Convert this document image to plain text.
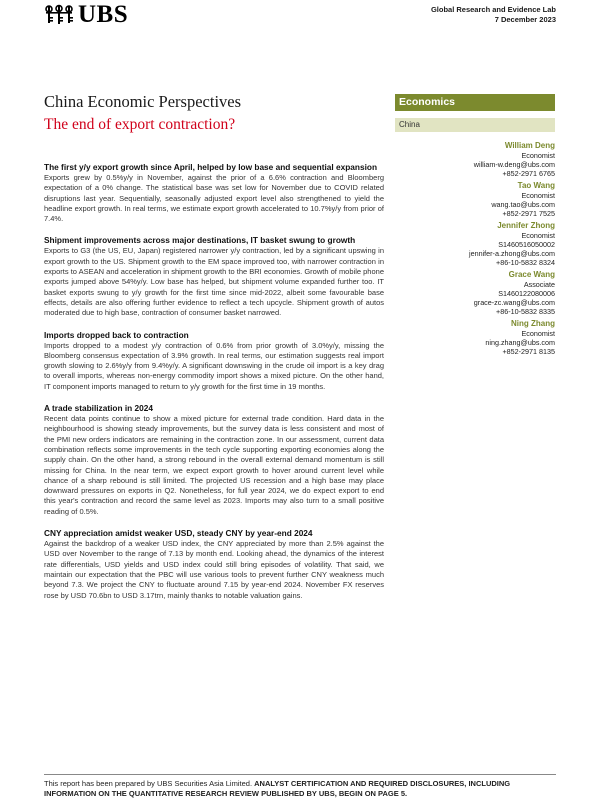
UBS	Global Research and Evidence Lab
7 December 2023
China Economic Perspectives
The end of export contraction?
Economics
China
William Deng
Economist
william-w.deng@ubs.com
+852-2971 6765
Tao Wang
Economist
wang.tao@ubs.com
+852-2971 7525
Jennifer Zhong
Economist
S1460516050002
jennifer-a.zhong@ubs.com
+86-10-5832 8324
Grace Wang
Associate
S1460122080006
grace-zc.wang@ubs.com
+86-10-5832 8335
Ning Zhang
Economist
ning.zhang@ubs.com
+852-2971 8135
The first y/y export growth since April, helped by low base and sequential expansion

Exports grew by 0.5%y/y in November, against the prior of a 6.6% contraction and Bloomberg expectation of a 0% change. The statistical base was set low for November due to COVID related disruptions last year. Sequentially, seasonally adjusted export level also strengthened to yield the headline export growth. In real terms, we estimate export growth accelerated to 10.7%y/y from prior of 7.4%.

Shipment improvements across major destinations, IT basket swung to growth

Exports to G3 (the US, EU, Japan) registered narrower y/y contraction, led by a significant upswing in export growth to the US. Shipment growth to the EM space improved too, with narrower contraction in exports to ASEAN and acceleration in shipment growth to the BRI economies. Growth of mobile phone exports jumped above 54%y/y. Low base has helped, but shipment volume expanded further too. IT basket exports swung to y/y growth for the first time since mid-2022, albeit some favourable base effects, details are also offering further evidence to reflect a tech upcycle. Shipment growth of autos moderated due to high base, contraction of consumer basket narrowed.

Imports dropped back to contraction

Imports dropped to a modest y/y contraction of 0.6% from prior growth of 3.0%y/y, missing the Bloomberg consensus expectation of 3.9% growth. In real terms, our estimation suggests real import growth slowing to 2.6%y/y from 9.4%y/y. A significant downswing in the crude oil import is a key drag to overall imports, whereas non-energy commodity import shows a mixed picture. On the other hand, IT component imports managed to return to y/y growth for the first time in 19 months.

A trade stabilization in 2024

Recent data points continue to show a mixed picture for external trade condition. Hard data in the neighbourhood is showing steady improvements, but the survey data is less consistent and most of the PMI new orders indicators are remaining in the contraction zone. In our assessment, current data combination reflects some improvements in the tech cycle supporting exporting economies along the supply chain. On the other hand, a strong rebound in the overall external demand momentum is still missing for China. In the near term, we expect export growth to hover around current level while chance of a sharp rebound is still limited. The projected US recession and a high base may place downward pressures on exports in Q2. Nonetheless, for full year 2024, we do expect export to end this year's contraction and record the same level as 2023. Imports may also turn to a small positive reading of 0.5%.

CNY appreciation amidst weaker USD, steady CNY by year-end 2024

Against the backdrop of a weaker USD index, the CNY appreciated by more than 2.5% against the USD over November to the range of 7.13 by month end. Looking ahead, the dynamics of the interest rate differentials, USD yields and USD index could still bring episodes of volatility. That said, we maintain our expectation that the PBC will use various tools to prevent further CNY weakness much beyond 7.3. We project the CNY to fluctuate around 7.15 by year-end 2024. November FX reserves rose by USD 70.6bn to USD 3.17trn, mainly thanks to notable valuation gains.

This report has been prepared by UBS Securities Asia Limited. ANALYST CERTIFICATION AND REQUIRED DISCLOSURES, INCLUDING INFORMATION ON THE QUANTITATIVE RESEARCH REVIEW PUBLISHED BY UBS, BEGIN ON PAGE 5.
